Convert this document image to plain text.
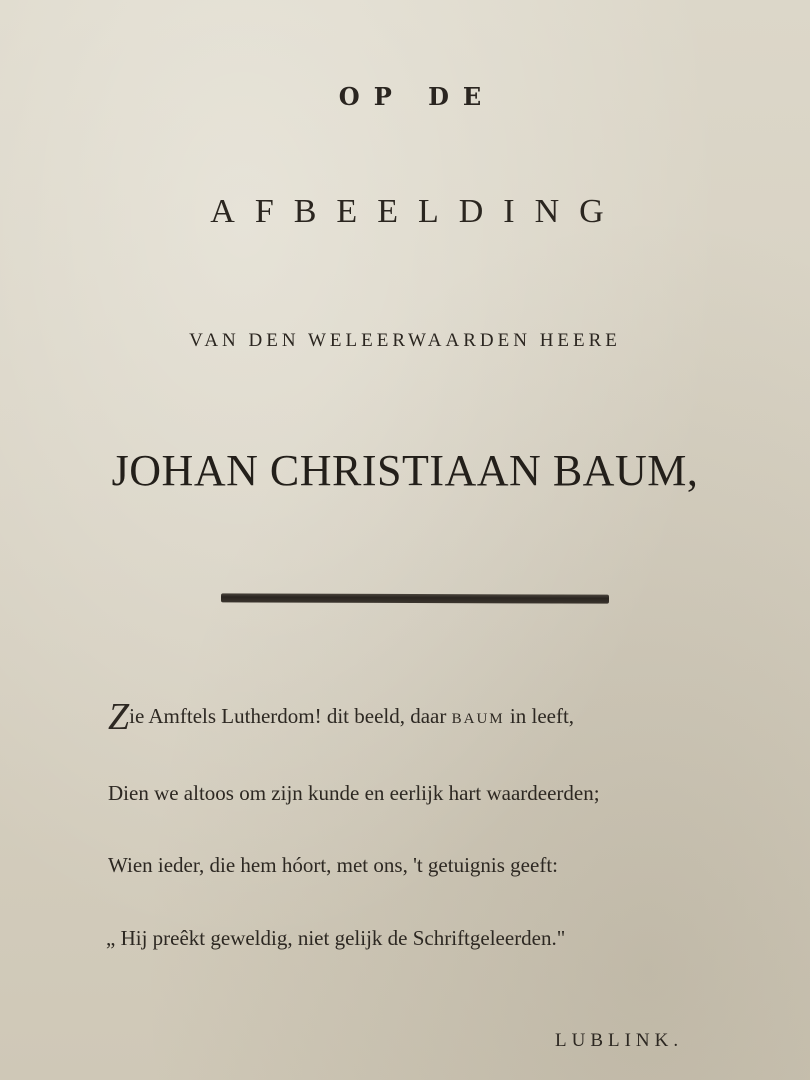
OP DE
AFBEELDING
VAN DEN WELEERWAARDEN HEERE
JOHAN CHRISTIAAN BAUM,
Zie Amftels Lutherdom! dit beeld, daar BAUM in leeft,
Dien we altoos om zijn kunde en eerlijk hart waardeerden;
Wien ieder, die hem hóort, met ons, 't getuignis geeft:
„ Hij preêkt geweldig, niet gelijk de Schriftgeleerden."
LUBLINK.
